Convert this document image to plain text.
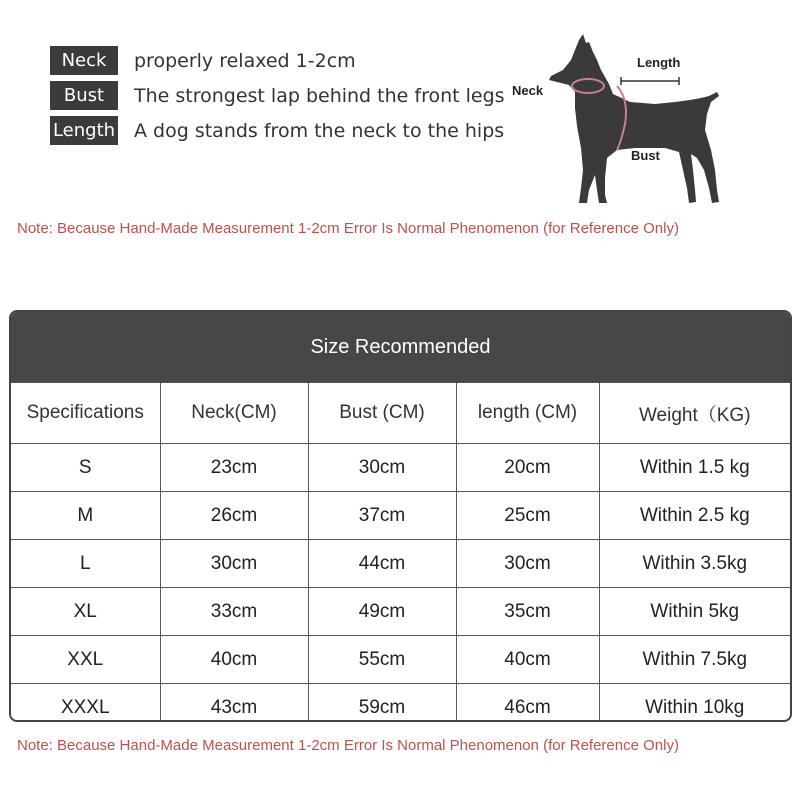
Neck	properly relaxed 1-2cm
Bust	The strongest lap behind the front legs
Length A dog stands from the neck to the hips
Neck
Length
Bust
Note: Because Hand-Made Measurement 1-2cm Error Is Normal Phenomenon (for Reference Only)
Size Recommended
Specifications	Neck(CM)	Bust (CM)	length (CM)	Weight（KG)
S	23cm	30cm	20cm	Within 1.5 kg
M	26cm	37cm	25cm	Within 2.5 kg
L	30cm	44cm	30cm	Within 3.5kg
XL	33cm	49cm	35cm	Within 5kg
XXL	40cm	55cm	40cm	Within 7.5kg
XXXL	43cm	59cm	46cm	Within 10kg
Note: Because Hand-Made Measurement 1-2cm Error Is Normal Phenomenon (for Reference Only)
